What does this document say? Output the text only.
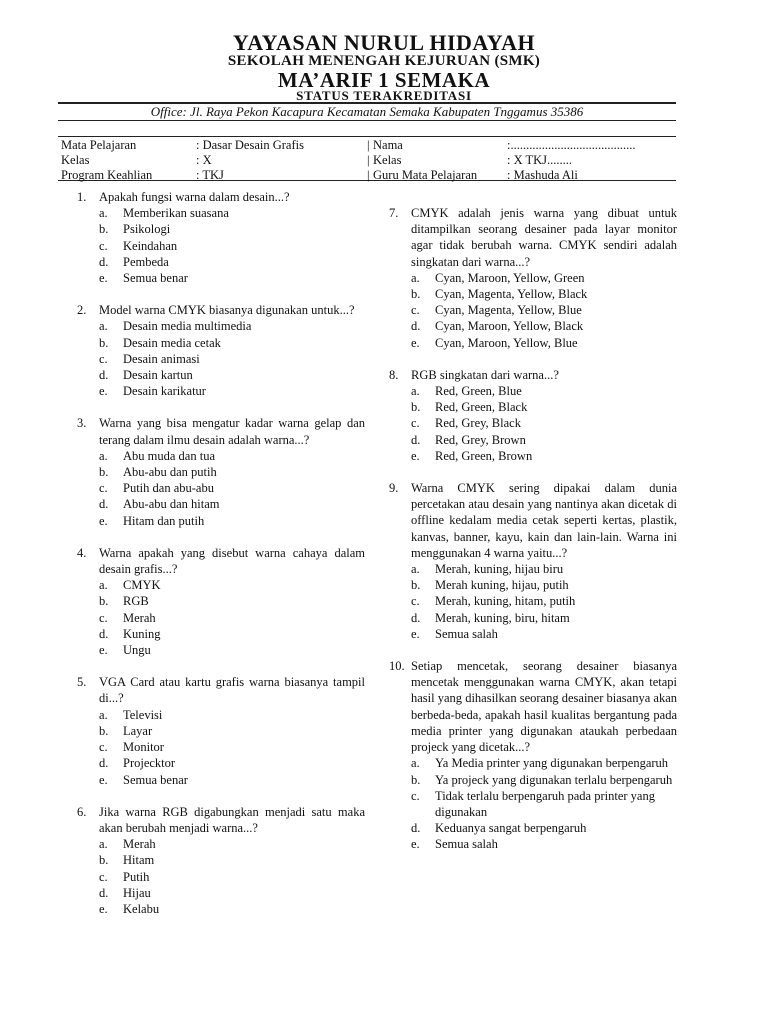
YAYASAN NURUL HIDAYAH
SEKOLAH MENENGAH KEJURUAN (SMK)
MA’ARIF 1 SEMAKA
STATUS TERAKREDITASI
Office: Jl. Raya Pekon Kacapura Kecamatan Semaka Kabupaten Tnggamus 35386
Mata Pelajaran
Kelas
Program Keahlian
: Dasar Desain Grafis
: X
: TKJ
|
|
|
Nama
Kelas
Guru Mata Pelajaran
:........................................
: X TKJ........
: Mashuda Ali
1. Apakah fungsi warna dalam desain...?
a. Memberikan suasana
b. Psikologi
c. Keindahan
d. Pembeda
e. Semua benar
2. Model warna CMYK biasanya digunakan untuk...?
a. Desain media multimedia
b. Desain media cetak
c. Desain animasi
d. Desain kartun
e. Desain karikatur
3. Warna yang bisa mengatur kadar warna gelap dan terang dalam ilmu desain adalah warna...?
a. Abu muda dan tua
b. Abu-abu dan putih
c. Putih dan abu-abu
d. Abu-abu dan hitam
e. Hitam dan putih
4. Warna apakah yang disebut warna cahaya dalam desain grafis...?
a. CMYK
b. RGB
c. Merah
d. Kuning
e. Ungu
5. VGA Card atau kartu grafis warna biasanya tampil di...?
a. Televisi
b. Layar
c. Monitor
d. Projecktor
e. Semua benar
6. Jika warna RGB digabungkan menjadi satu maka akan berubah menjadi warna...?
a. Merah
b. Hitam
c. Putih
d. Hijau
e. Kelabu
7. CMYK adalah jenis warna yang dibuat untuk ditampilkan seorang desainer pada layar monitor agar tidak berubah warna. CMYK sendiri adalah singkatan dari warna...?
a. Cyan, Maroon, Yellow, Green
b. Cyan, Magenta, Yellow, Black
c. Cyan, Magenta, Yellow, Blue
d. Cyan, Maroon, Yellow, Black
e. Cyan, Maroon, Yellow, Blue
8. RGB singkatan dari warna...?
a. Red, Green, Blue
b. Red, Green, Black
c. Red, Grey, Black
d. Red, Grey, Brown
e. Red, Green, Brown
9. Warna CMYK sering dipakai dalam dunia percetakan atau desain yang nantinya akan dicetak di offline kedalam media cetak seperti kertas, plastik, kanvas, banner, kayu, kain dan lain-lain. Warna ini menggunakan 4 warna yaitu...?
a. Merah, kuning, hijau biru
b. Merah kuning, hijau, putih
c. Merah, kuning, hitam, putih
d. Merah, kuning, biru, hitam
e. Semua salah
10. Setiap mencetak, seorang desainer biasanya mencetak menggunakan warna CMYK, akan tetapi hasil yang dihasilkan seorang desainer biasanya akan berbeda-beda, apakah hasil kualitas bergantung pada media printer yang digunakan ataukah perbedaan projeck yang dicetak...?
a. Ya Media printer yang digunakan berpengaruh
b. Ya projeck yang digunakan terlalu berpengaruh
c. Tidak terlalu berpengaruh pada printer yang digunakan
d. Keduanya sangat berpengaruh
e. Semua salah
